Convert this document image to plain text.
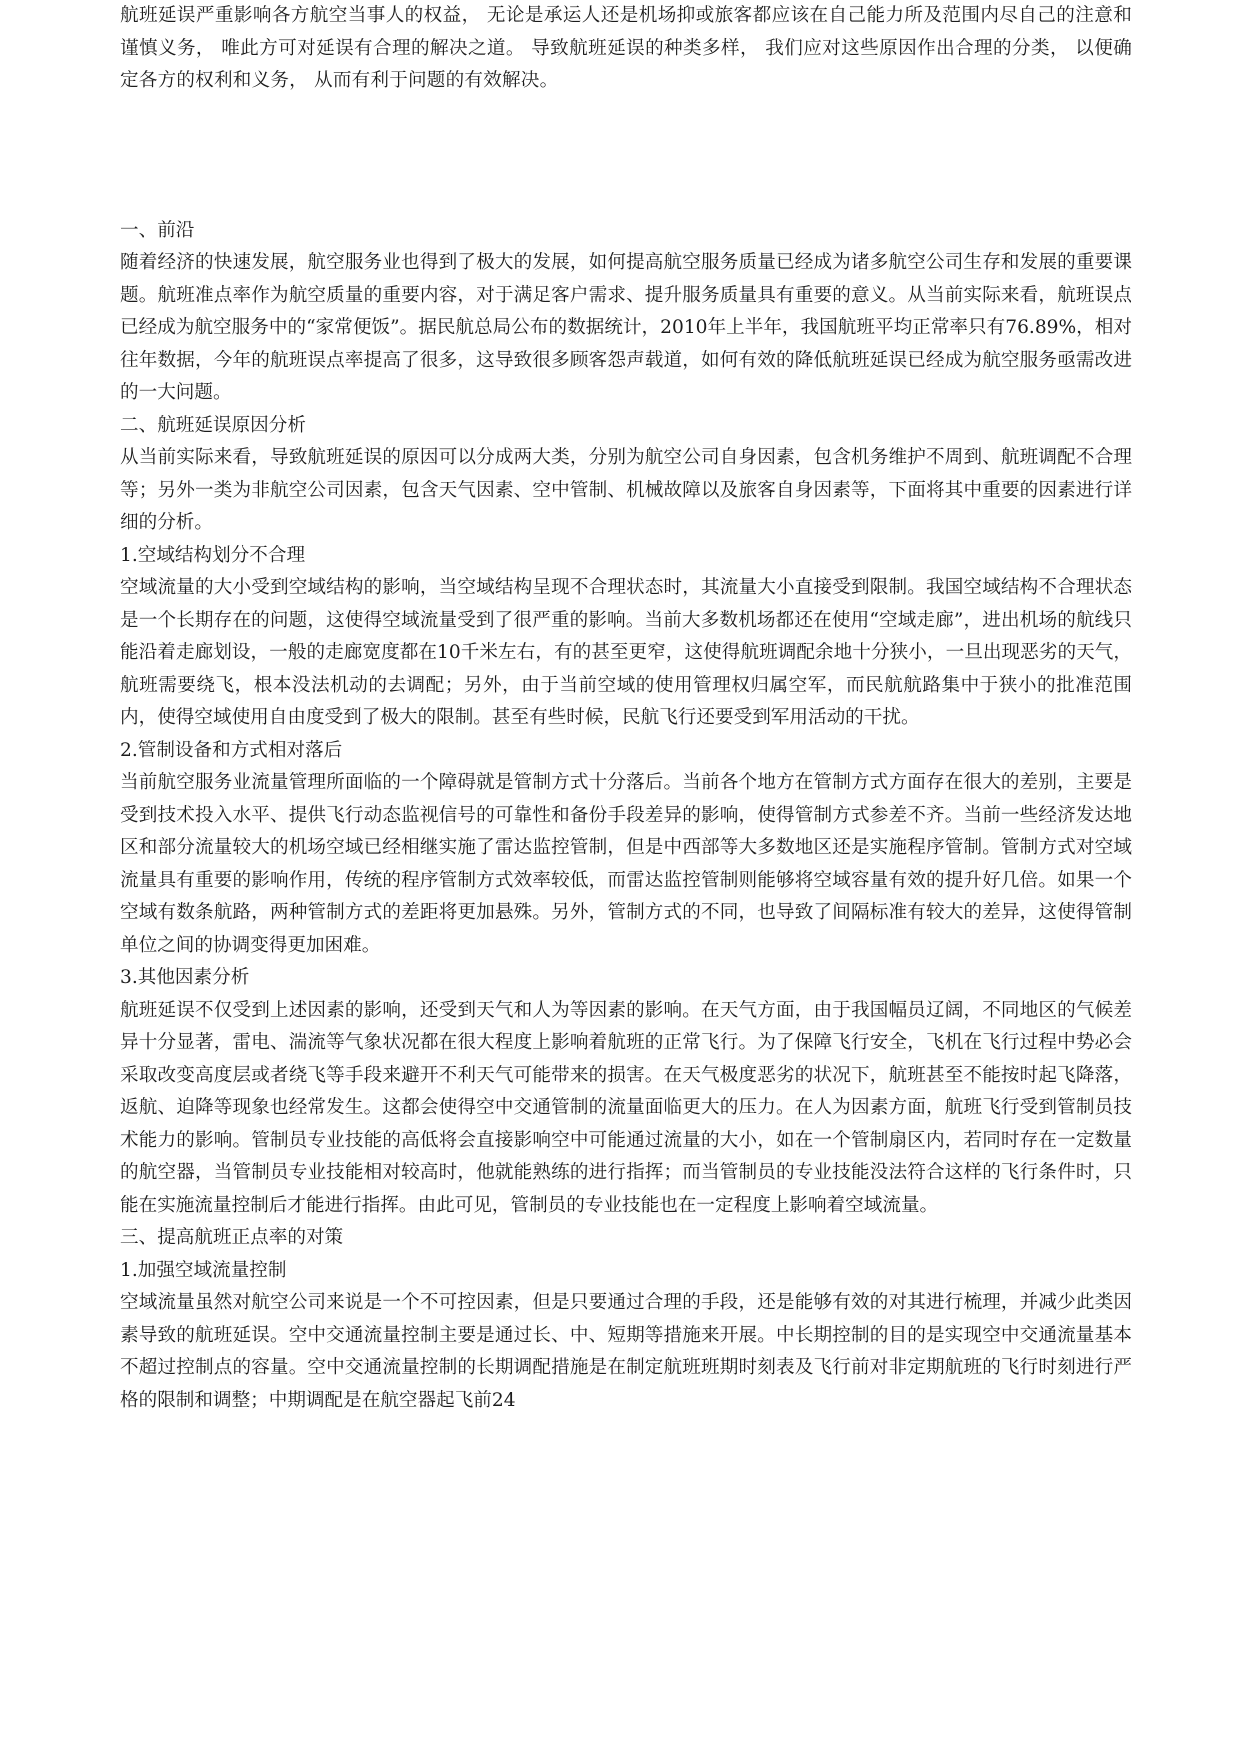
航班延误严重影响各方航空当事人的权益， 无论是承运人还是机场抑或旅客都应该在自己能力所及范围内尽自己的注意和谨慎义务， 唯此方可对延误有合理的解决之道。 导致航班延误的种类多样， 我们应对这些原因作出合理的分类， 以便确定各方的权利和义务， 从而有利于问题的有效解决。

一、前沿

随着经济的快速发展，航空服务业也得到了极大的发展，如何提高航空服务质量已经成为诸多航空公司生存和发展的重要课题。航班准点率作为航空质量的重要内容，对于满足客户需求、提升服务质量具有重要的意义。从当前实际来看，航班误点已经成为航空服务中的“家常便饭”。据民航总局公布的数据统计，2010年上半年，我国航班平均正常率只有76.89%，相对往年数据，今年的航班误点率提高了很多，这导致很多顾客怨声载道，如何有效的降低航班延误已经成为航空服务亟需改进的一大问题。

二、航班延误原因分析

从当前实际来看，导致航班延误的原因可以分成两大类，分别为航空公司自身因素，包含机务维护不周到、航班调配不合理等；另外一类为非航空公司因素，包含天气因素、空中管制、机械故障以及旅客自身因素等，下面将其中重要的因素进行详细的分析。

1.空域结构划分不合理

空域流量的大小受到空域结构的影响，当空域结构呈现不合理状态时，其流量大小直接受到限制。我国空域结构不合理状态是一个长期存在的问题，这使得空域流量受到了很严重的影响。当前大多数机场都还在使用“空域走廊”，进出机场的航线只能沿着走廊划设，一般的走廊宽度都在10千米左右，有的甚至更窄，这使得航班调配余地十分狭小，一旦出现恶劣的天气，航班需要绕飞，根本没法机动的去调配；另外，由于当前空域的使用管理权归属空军，而民航航路集中于狭小的批准范围内，使得空域使用自由度受到了极大的限制。甚至有些时候，民航飞行还要受到军用活动的干扰。

2.管制设备和方式相对落后

当前航空服务业流量管理所面临的一个障碍就是管制方式十分落后。当前各个地方在管制方式方面存在很大的差别，主要是受到技术投入水平、提供飞行动态监视信号的可靠性和备份手段差异的影响，使得管制方式参差不齐。当前一些经济发达地区和部分流量较大的机场空域已经相继实施了雷达监控管制，但是中西部等大多数地区还是实施程序管制。管制方式对空域流量具有重要的影响作用，传统的程序管制方式效率较低，而雷达监控管制则能够将空域容量有效的提升好几倍。如果一个空域有数条航路，两种管制方式的差距将更加悬殊。另外，管制方式的不同，也导致了间隔标准有较大的差异，这使得管制单位之间的协调变得更加困难。

3.其他因素分析

航班延误不仅受到上述因素的影响，还受到天气和人为等因素的影响。在天气方面，由于我国幅员辽阔，不同地区的气候差异十分显著，雷电、湍流等气象状况都在很大程度上影响着航班的正常飞行。为了保障飞行安全，飞机在飞行过程中势必会采取改变高度层或者绕飞等手段来避开不利天气可能带来的损害。在天气极度恶劣的状况下，航班甚至不能按时起飞降落，返航、迫降等现象也经常发生。这都会使得空中交通管制的流量面临更大的压力。在人为因素方面，航班飞行受到管制员技术能力的影响。管制员专业技能的高低将会直接影响空中可能通过流量的大小，如在一个管制扇区内，若同时存在一定数量的航空器，当管制员专业技能相对较高时，他就能熟练的进行指挥；而当管制员的专业技能没法符合这样的飞行条件时，只能在实施流量控制后才能进行指挥。由此可见，管制员的专业技能也在一定程度上影响着空域流量。

三、提高航班正点率的对策

1.加强空域流量控制

空域流量虽然对航空公司来说是一个不可控因素，但是只要通过合理的手段，还是能够有效的对其进行梳理，并减少此类因素导致的航班延误。空中交通流量控制主要是通过长、中、短期等措施来开展。中长期控制的目的是实现空中交通流量基本不超过控制点的容量。空中交通流量控制的长期调配措施是在制定航班班期时刻表及飞行前对非定期航班的飞行时刻进行严格的限制和调整；中期调配是在航空器起飞前24
